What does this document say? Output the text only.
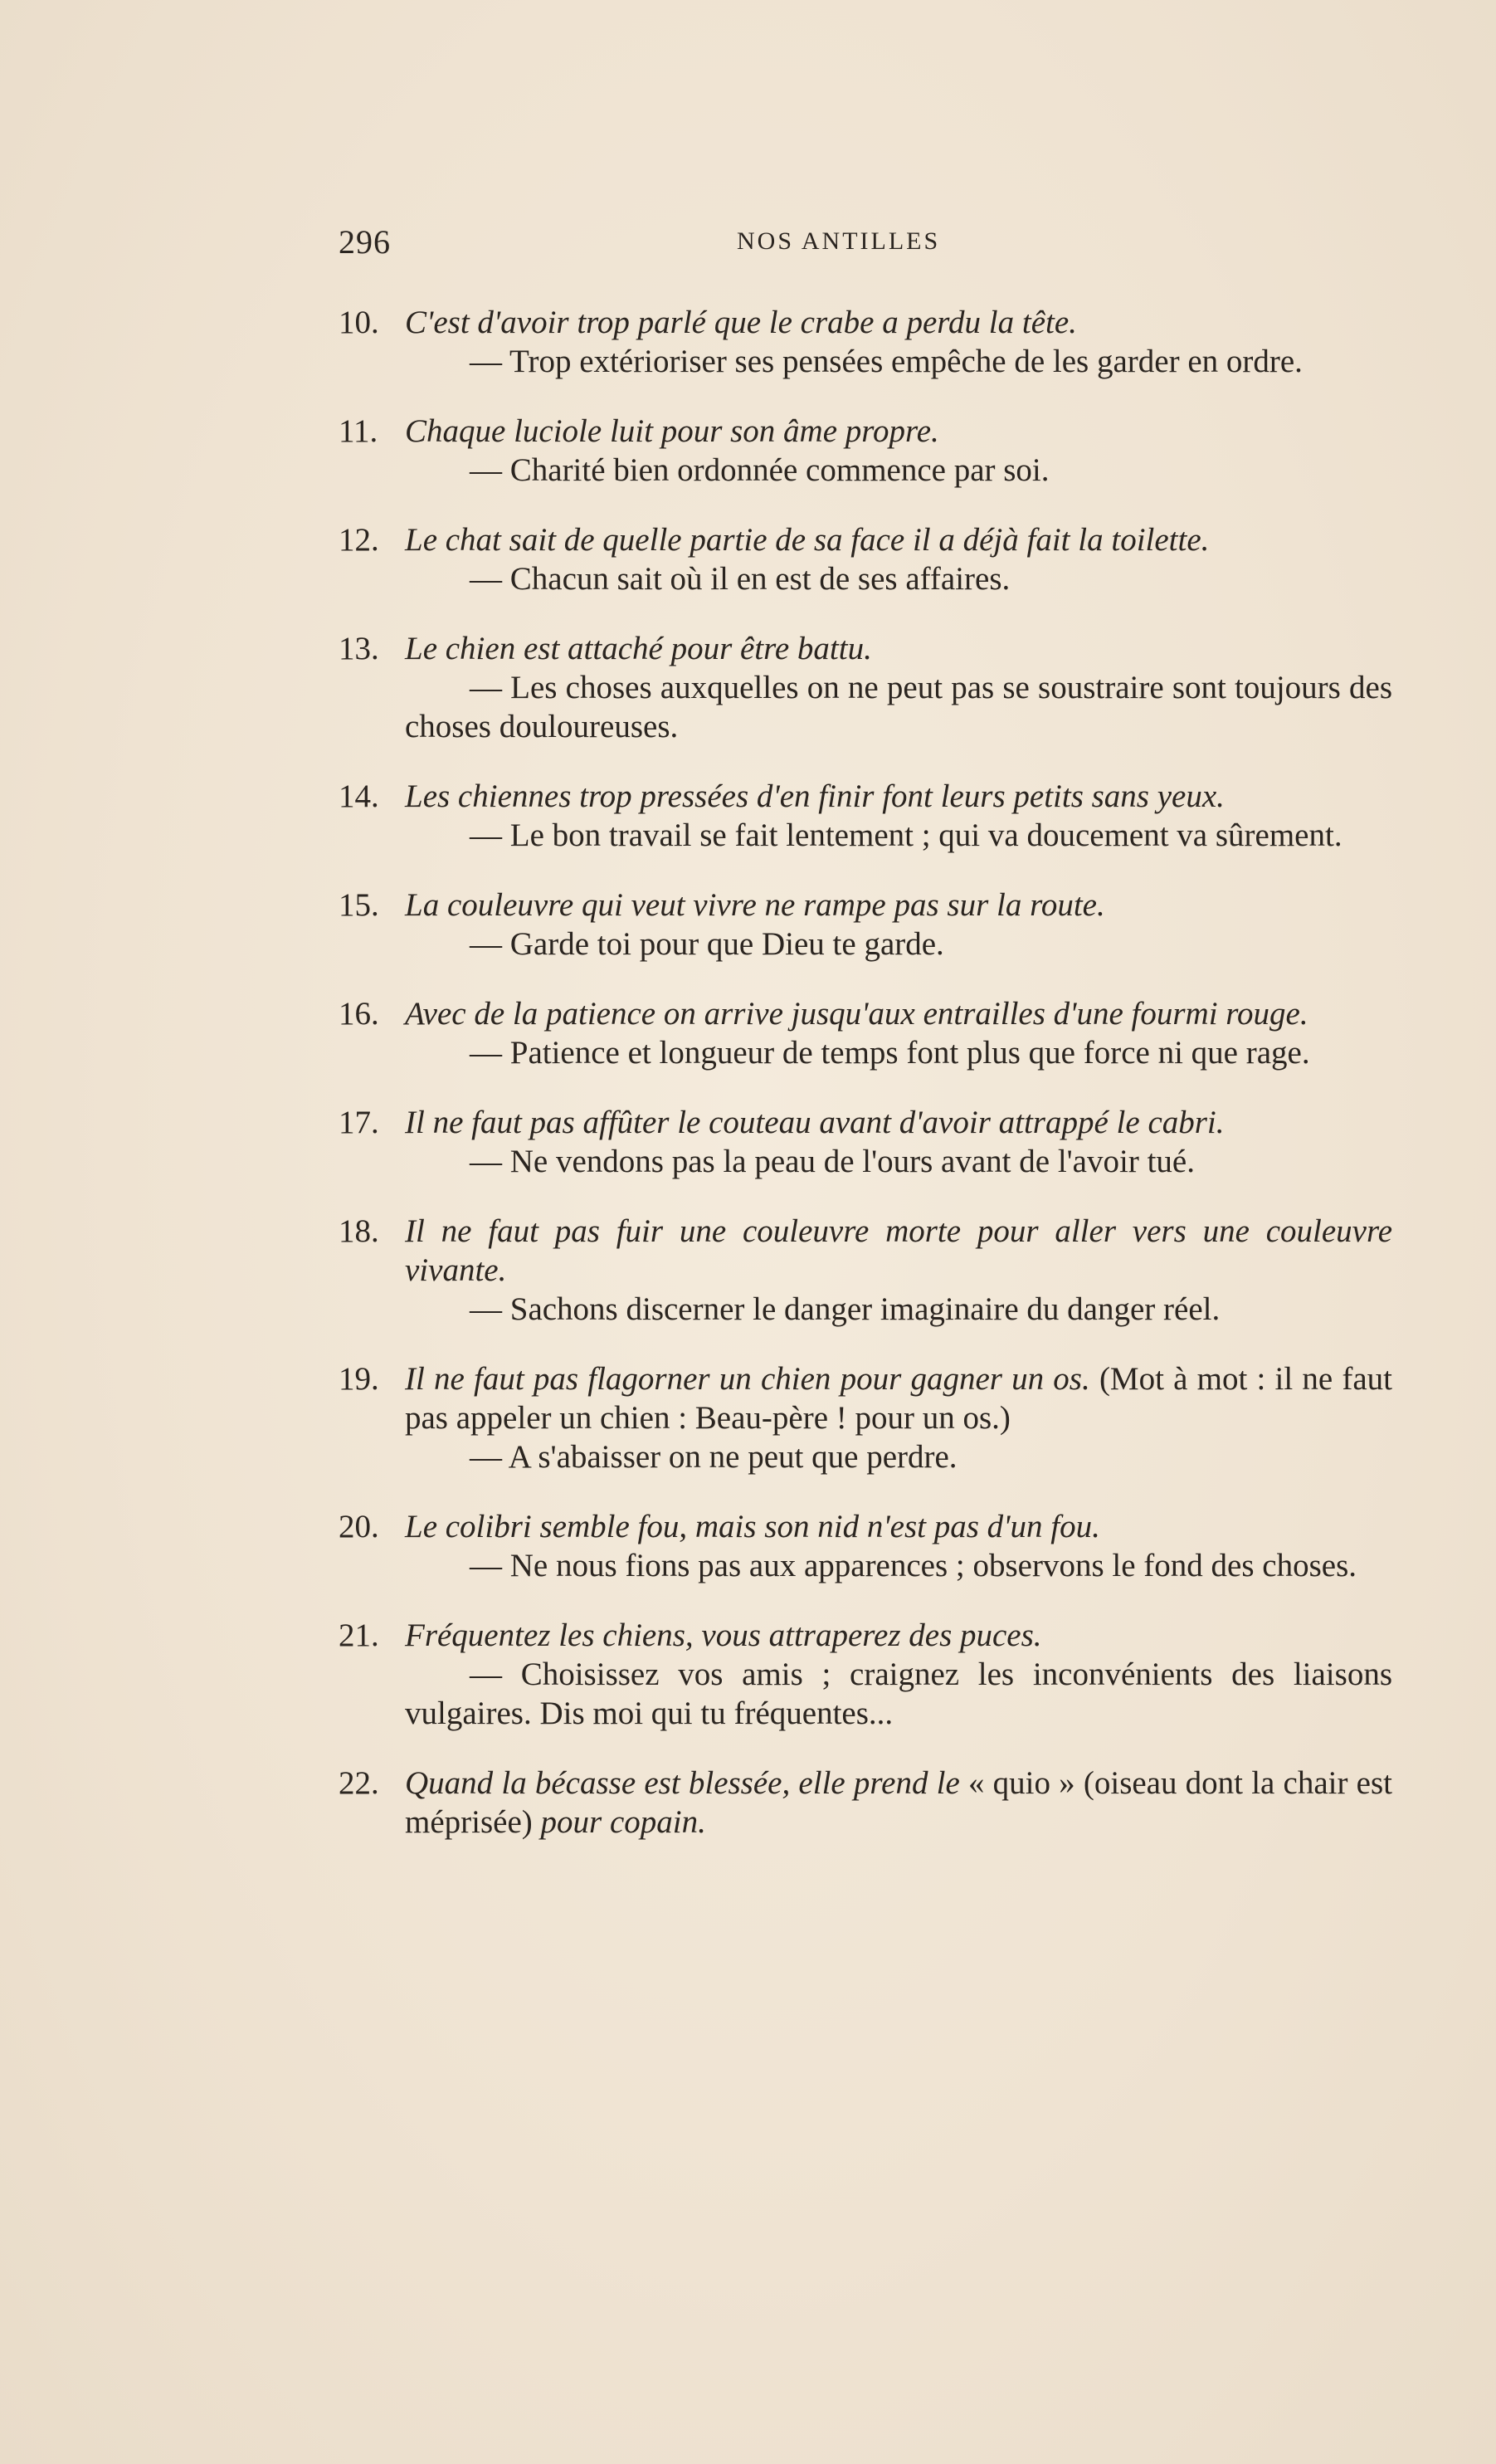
296	NOS ANTILLES
10. C'est d'avoir trop parlé que le crabe a perdu la tête.
— Trop extérioriser ses pensées empêche de les garder en ordre.
11. Chaque luciole luit pour son âme propre.
— Charité bien ordonnée commence par soi.
12. Le chat sait de quelle partie de sa face il a déjà fait la toilette.
— Chacun sait où il en est de ses affaires.
13. Le chien est attaché pour être battu.
— Les choses auxquelles on ne peut pas se soustraire sont toujours des choses douloureuses.
14. Les chiennes trop pressées d'en finir font leurs petits sans yeux.
— Le bon travail se fait lentement ; qui va doucement va sûrement.
15. La couleuvre qui veut vivre ne rampe pas sur la route.
— Garde toi pour que Dieu te garde.
16. Avec de la patience on arrive jusqu'aux entrailles d'une fourmi rouge.
— Patience et longueur de temps font plus que force ni que rage.
17. Il ne faut pas affûter le couteau avant d'avoir attrappé le cabri.
— Ne vendons pas la peau de l'ours avant de l'avoir tué.
18. Il ne faut pas fuir une couleuvre morte pour aller vers une couleuvre vivante.
— Sachons discerner le danger imaginaire du danger réel.
19. Il ne faut pas flagorner un chien pour gagner un os. (Mot à mot : il ne faut pas appeler un chien : Beau-père ! pour un os.)
— A s'abaisser on ne peut que perdre.
20. Le colibri semble fou, mais son nid n'est pas d'un fou.
— Ne nous fions pas aux apparences ; observons le fond des choses.
21. Fréquentez les chiens, vous attraperez des puces.
— Choisissez vos amis ; craignez les inconvénients des liaisons vulgaires. Dis moi qui tu fréquentes...
22. Quand la bécasse est blessée, elle prend le « quio » (oiseau dont la chair est méprisée) pour copain.
